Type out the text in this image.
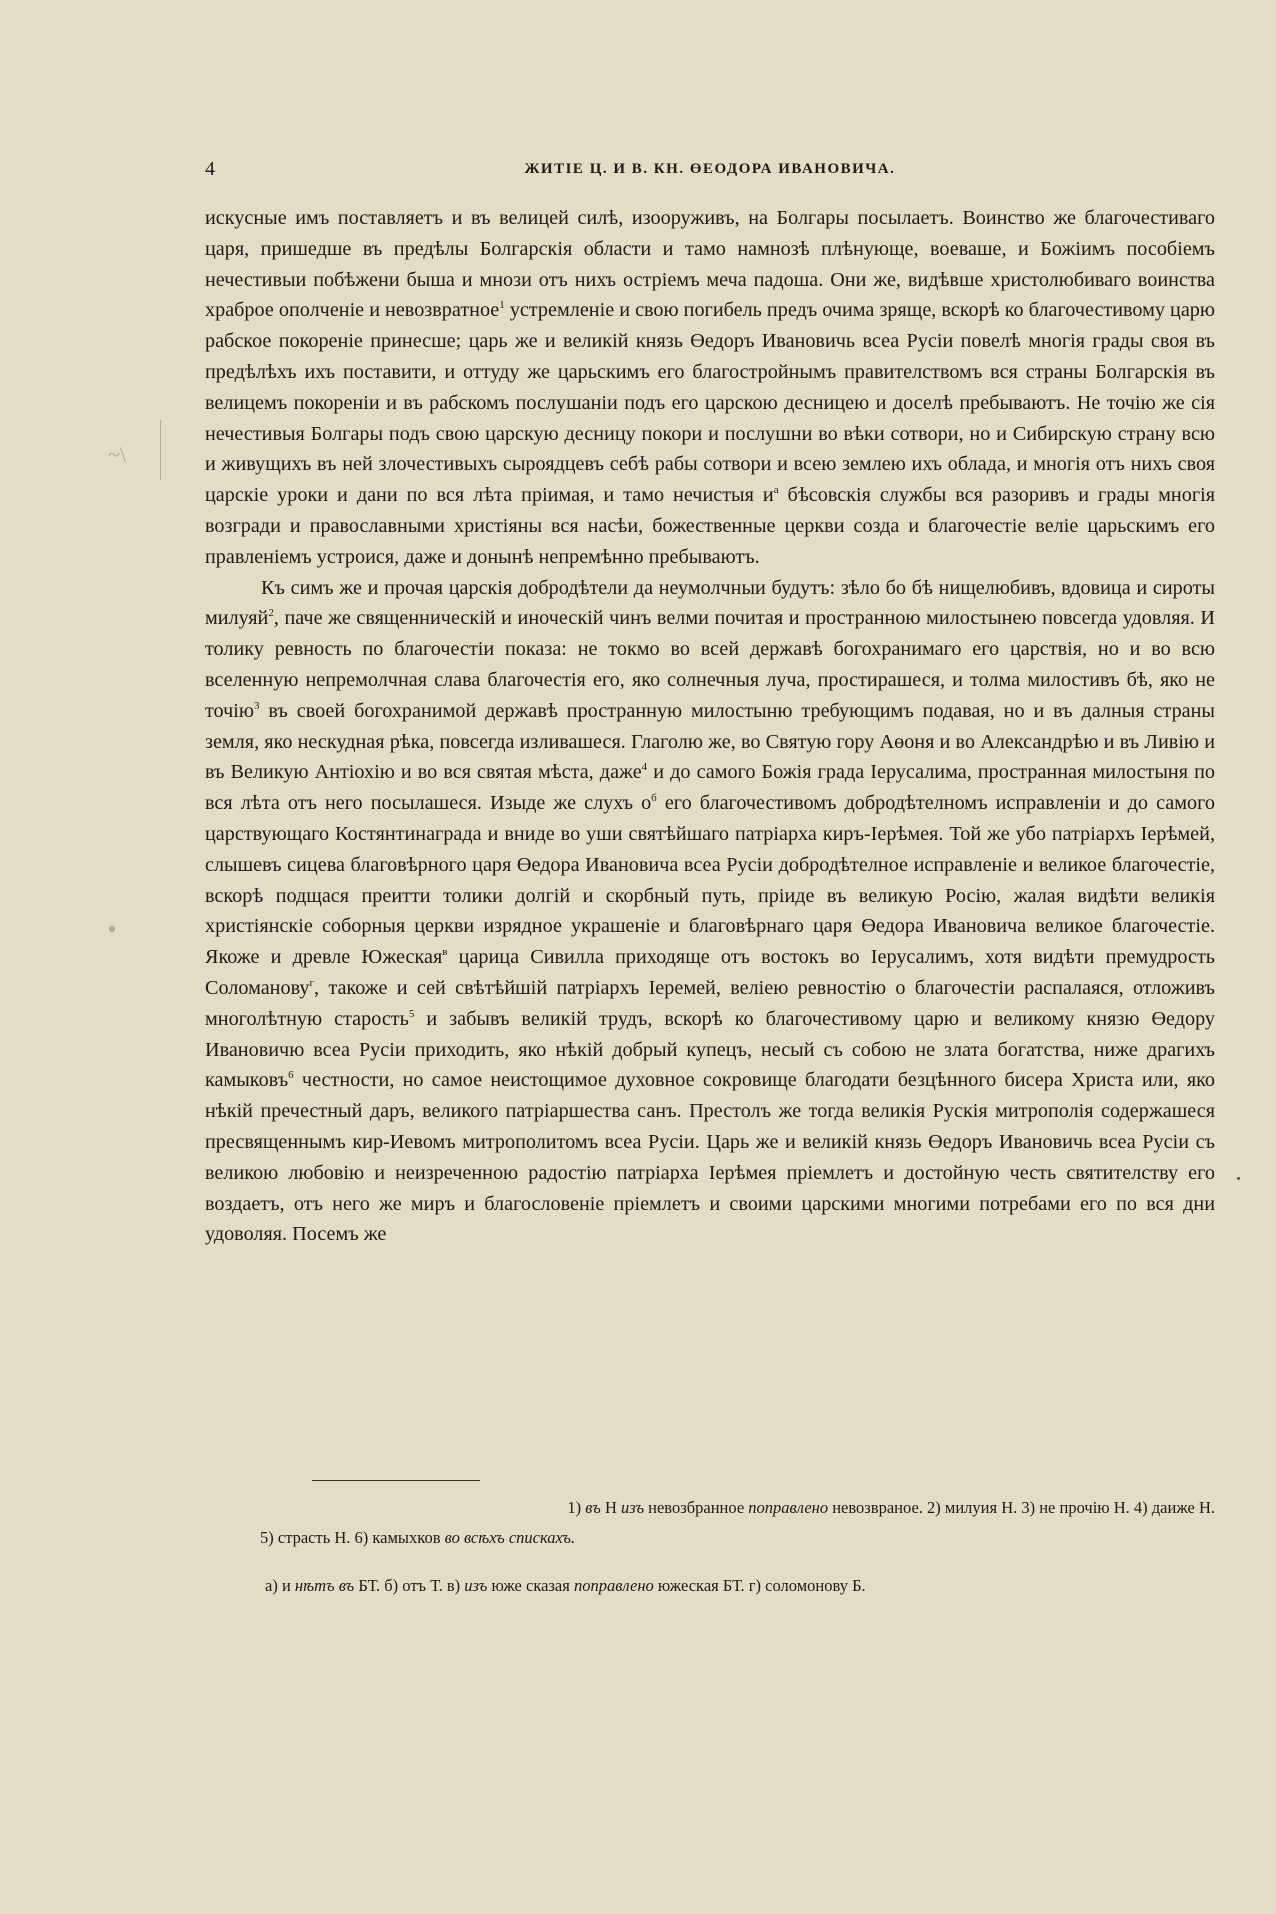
4	ЖИТІЕ Ц. И В. КН. ӨЕОДОРА ИВАНОВИЧА.
~\

искусные имъ поставляетъ и въ велицей силѣ, изооруживъ, на Болгары посылаетъ. Воинство же благочестиваго царя, пришедше въ предѣлы Болгарскія области и тамо намнозѣ плѣнующе, воеваше, и Божіимъ пособіемъ нечестивыи побѣжени быша и мнози отъ нихъ остріемъ меча падоша. Они же, видѣвше христолюбиваго воинства храброе ополченіе и невозвратное$^1$ устремленіе и свою погибель предъ очима зряще, вскорѣ ко благочестивому царю рабское покореніе принесше; царь же и великій князь Өедоръ Ивановичь всеа Русіи повелѣ многія грады своя въ предѣлѣхъ ихъ поставити, и оттуду же царьскимъ его благостройнымъ правителствомъ вся страны Болгарскія въ велицемъ покореніи и въ рабскомъ послушаніи подъ его царскою десницею и доселѣ пребываютъ. Не точію же сія нечестивыя Болгары подъ свою царскую десницу покори и послушни во вѣки сотвори, но и Сибирскую страну всю и живущихъ въ ней злочестивыхъ сыроядцевъ себѣ рабы сотвори и всею землею ихъ облада, и многія отъ нихъ своя царскіе уроки и дани по вся лѣта пріимая, и тамо нечистыя и$^а$ бѣсовскія службы вся разоривъ и грады многія возгради и православными христіяны вся насѣи, божественные церкви созда и благочестіе веліе царьскимъ его правленіемъ устроися, даже и донынѣ непремѣнно пребываютъ.

Къ симъ же и прочая царскія добродѣтели да неумолчныи будутъ: зѣло бо бѣ нищелюбивъ, вдовица и сироты милуяй$^2$, паче же священническій и иноческій чинъ велми почитая и пространною милостынею повсегда удовляя. И толику ревность по благочестіи показа: не токмо во всей державѣ богохранимаго его царствія, но и во всю вселенную непремолчная слава благочестія его, яко солнечныя луча, простирашеся, и толма милостивъ бѣ, яко не точію$^3$ въ своей богохранимой державѣ пространную милостыню требующимъ подавая, но и въ далныя страны земля, яко нескудная рѣка, повсегда изливашеся. Глаголю же, во Святую гору Аөоня и во Александрѣю и въ Ливію и въ Великую Антіохію и во вся святая мѣста, даже$^4$ и до самого Божія града Іерусалима, пространная милостыня по вся лѣта отъ него посылашеся. Изыде же слухъ о$^б$ его благочестивомъ добродѣтелномъ исправленіи и до самого царствующаго Костянтинаграда и вниде во уши святѣйшаго патріарха киръ-Іерѣмея. Той же убо патріархъ Іерѣмей, слышевъ сицева благовѣрного царя Өедора Ивановича всеа Русіи добродѣтелное исправленіе и великое благочестіе, вскорѣ подщася преитти толики долгій и скорбный путь, пріиде въ великую Росію, жалая видѣти великія христіянскіе соборныя церкви изрядное украшеніе и благовѣрнаго царя Өедора Ивановича великое благочестіе. Якоже и древле Южеская$^в$ царица Сивилла приходяще отъ востокъ во Іерусалимъ, хотя видѣти премудрость Соломанову$^г$, такоже и сей свѣтѣйшій патріархъ Іеремей, веліею ревностію о благочестіи распалаяся, отложивъ многолѣтную старость$^5$ и забывъ великій трудъ, вскорѣ ко благочестивому царю и великому князю Өедору Ивановичю всеа Русіи приходить, яко нѣкій добрый купецъ, несый съ собою не злата богатства, ниже драгихъ камыковъ$^6$ честности, но самое неистощимое духовное сокровище благодати безцѣнного бисера Христа или, яко нѣкій пречестный даръ, великого патріаршества санъ. Престолъ же тогда великія Рускія митрополія содержашеся пресвященнымъ кир-Иевомъ митрополитомъ всеа Русіи. Царь же и великій князь Өедоръ Ивановичь всеа Русіи съ великою любовію и неизреченною радостію патріарха Іерѣмея пріемлетъ и достойную честь святителству его воздаетъ, отъ него же миръ и благословеніе пріемлетъ и своими царскими многими потребами его по вся дни удоволяя. Посемъ же

1) въ Н изъ невозбранное поправлено невозвраное. 2) милуия Н. 3) не прочію Н. 4) даиже Н.
5) страсть Н. 6) камыхков во всѣхъ спискахъ.
а) и нѣтъ въ БТ. б) отъ Т. в) изъ юже сказая поправлено южеская БТ. г) соломонову Б.
